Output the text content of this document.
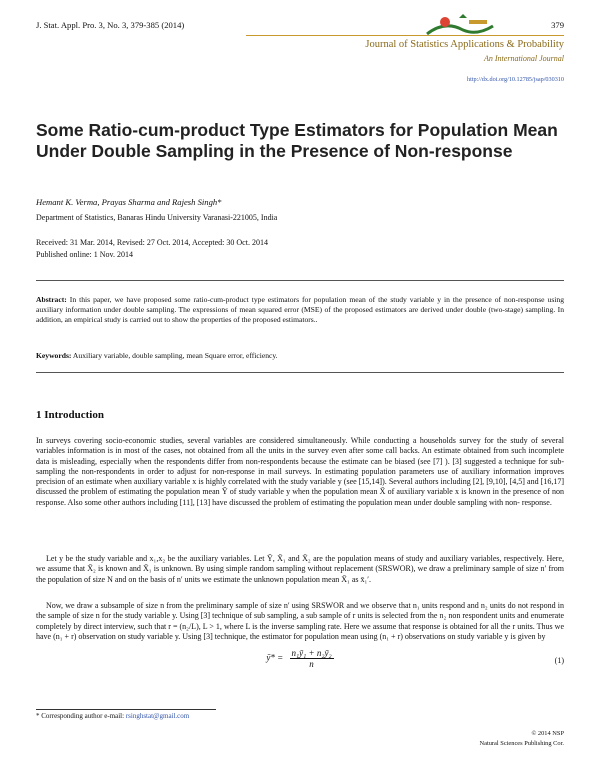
J. Stat. Appl. Pro. 3, No. 3, 379-385 (2014)	379
Journal of Statistics Applications & Probability
An International Journal
http://dx.doi.org/10.12785/jsap/030310
Some Ratio-cum-product Type Estimators for Population Mean Under Double Sampling in the Presence of Non-response
Hemant K. Verma, Prayas Sharma and Rajesh Singh*
Department of Statistics, Banaras Hindu University Varanasi-221005, India
Received: 31 Mar. 2014, Revised: 27 Oct. 2014, Accepted: 30 Oct. 2014
Published online: 1 Nov. 2014
Abstract: In this paper, we have proposed some ratio-cum-product type estimators for population mean of the study variable y in the presence of non-response using auxiliary information under double sampling. The expressions of mean squared error (MSE) of the proposed estimators are derived under double (two-stage) sampling. In addition, an empirical study is carried out to show the properties of the proposed estimators..
Keywords: Auxiliary variable, double sampling, mean Square error, efficiency.
1 Introduction

In surveys covering socio-economic studies, several variables are considered simultaneously. While conducting a households survey for the study of several variables information is in most of the cases, not obtained from all the units in the survey even after some call backs. An estimate obtained from such incomplete data is misleading, especially when the respondents differ from non-respondents because the estimate can be biased (see [7] ). [3] suggested a technique for sub-sampling the non-respondents in order to adjust for non-response in mail surveys. In estimating population parameters use of auxiliary information improves precision of an estimate when auxiliary variable x is highly correlated with the study variable y (see [15,14]). Several authors including [2], [9,10], [4,5] and [16,17] discussed the problem of estimating the population mean Ȳ of study variable y when the population mean X̄ of auxiliary variable x is known in the presence of non response. Also some other authors including [11], [13] have discussed the problem of estimating the population mean under double sampling with non- response.

Let y be the study variable and x₁,x₂ be the auxiliary variables. Let Ȳ, X̄₁ and X̄₂ are the population means of study and auxiliary variables, respectively. Here, we assume that X̄₂ is known and X̄₁ is unknown. By using simple random sampling without replacement (SRSWOR), we draw a preliminary sample of size n′ from the population of size N and on the basis of n′ units we estimate the unknown population mean X̄₁ as x̄₁′.

Now, we draw a subsample of size n from the preliminary sample of size n′ using SRSWOR and we observe that n₁ units respond and n₂ units do not respond in the sample of size n for the study variable y. Using [3] technique of sub sampling, a sub sample of r units is selected from the n₂ non respondent units and enumerate completely by direct interview, such that r = (n₂/L), L > 1, where L is the inverse sampling rate. Here we assume that response is obtained for all the r units. Thus we have (n₁ + r) observation on study variable y. Using [3] technique, the estimator for population mean using (n₁ + r) observations on study variable y is given by

ȳ* = $\frac{\text{n₁ȳ₁ + n₂ȳ₂}}{n}$	(1)
* Corresponding author e-mail: rsinghstat@gmail.com
© 2014 NSP
Natural Sciences Publishing Cor.
